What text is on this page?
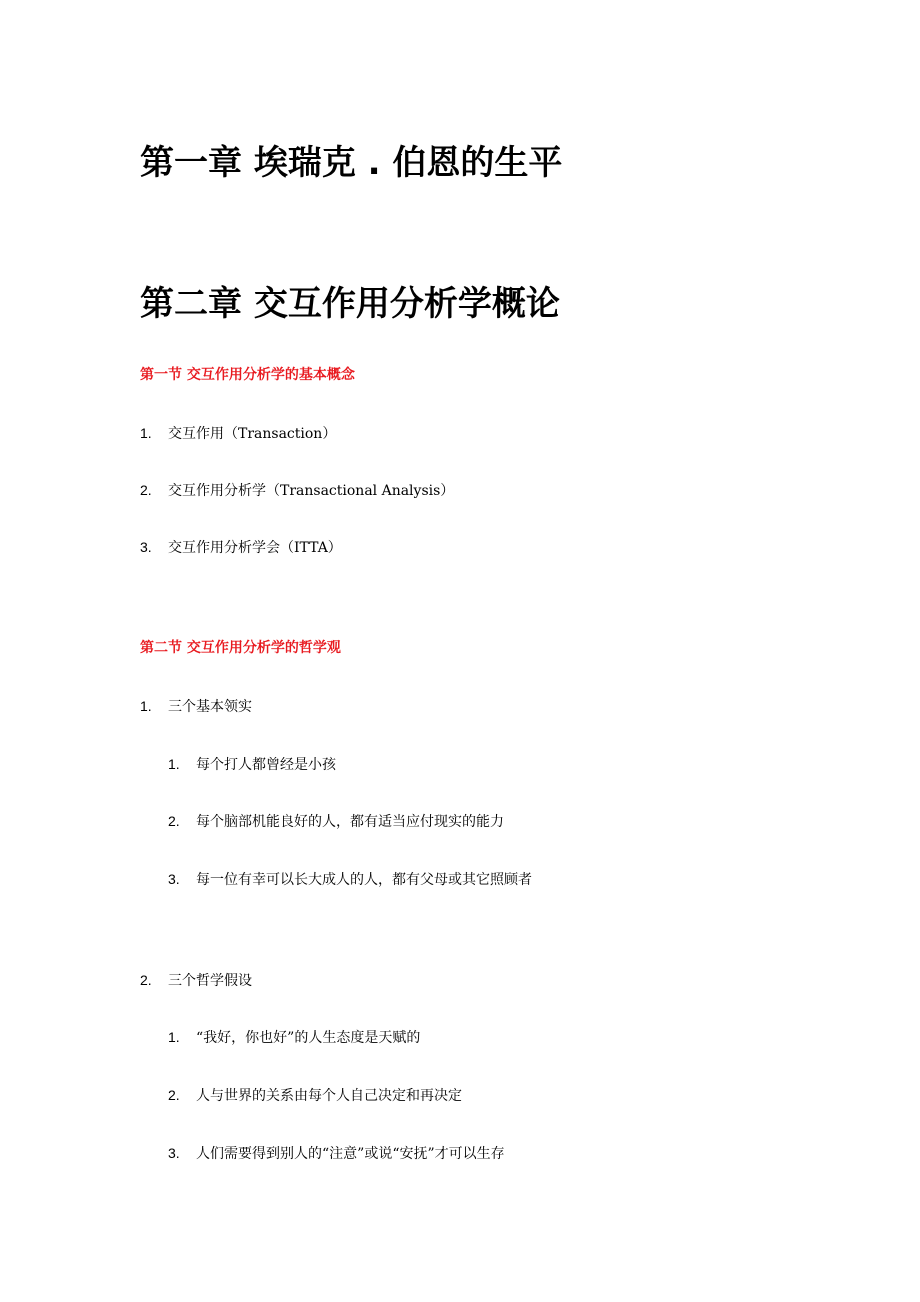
第一章 埃瑞克 . 伯恩的生平
第二章 交互作用分析学概论
第一节 交互作用分析学的基本概念
1. 交互作用（Transaction）
2. 交互作用分析学（Transactional Analysis）
3. 交互作用分析学会（ITTA）
第二节 交互作用分析学的哲学观
1. 三个基本领实
1. 每个打人都曾经是小孩
2. 每个脑部机能良好的人，都有适当应付现实的能力
3. 每一位有幸可以长大成人的人，都有父母或其它照顾者
2. 三个哲学假设
1. “我好，你也好”的人生态度是天赋的
2. 人与世界的关系由每个人自己决定和再决定
3. 人们需要得到别人的“注意”或说“安抚”才可以生存
